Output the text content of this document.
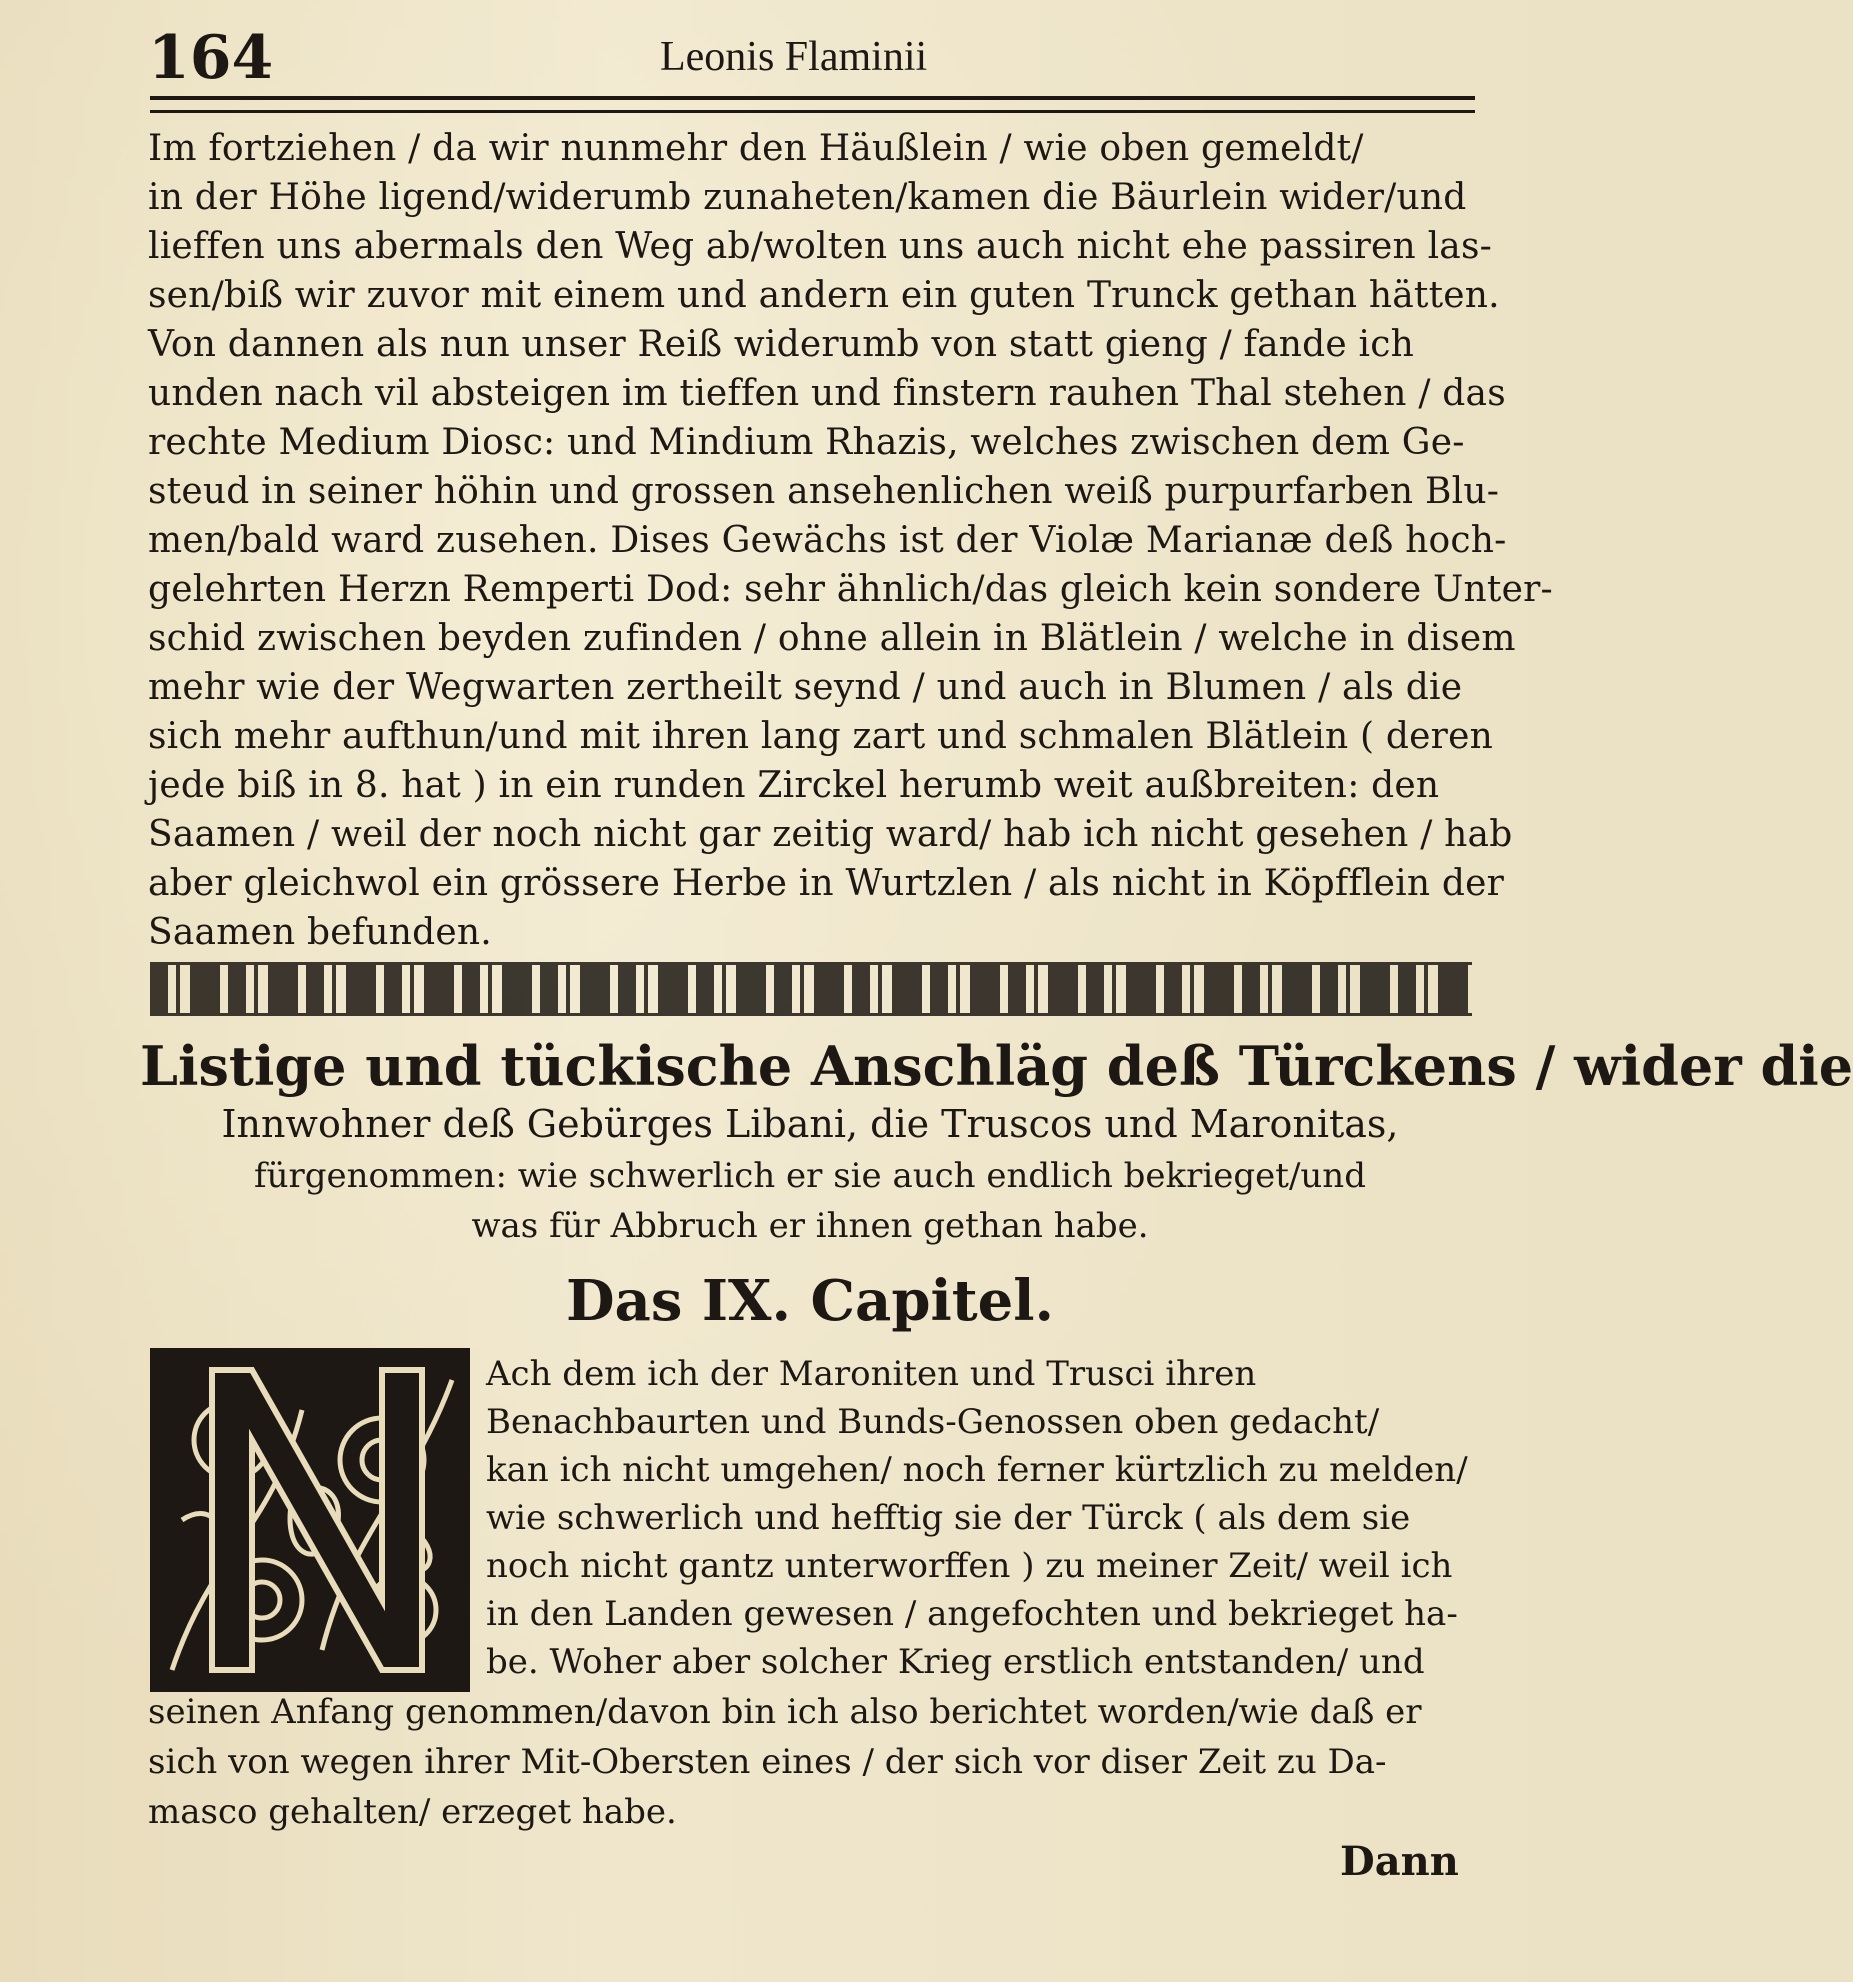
164	Leonis Flaminii
Im fortziehen / da wir nunmehr den Häußlein / wie oben gemeldt/
in der Höhe ligend/widerumb zunaheten/kamen die Bäurlein wider/und
lieffen uns abermals den Weg ab/wolten uns auch nicht ehe passiren las-
sen/biß wir zuvor mit einem und andern ein guten Trunck gethan hätten.
Von dannen als nun unser Reiß widerumb von statt gieng / fande ich
unden nach vil absteigen im tieffen und finstern rauhen Thal stehen / das
rechte Medium Diosc: und Mindium Rhazis, welches zwischen dem Ge-
steud in seiner höhin und grossen ansehenlichen weiß purpurfarben Blu-
men/bald ward zusehen. Dises Gewächs ist der Violæ Marianæ deß hoch-
gelehrten Herzn Remperti Dod: sehr ähnlich/das gleich kein sondere Unter-
schid zwischen beyden zufinden / ohne allein in Blätlein / welche in disem
mehr wie der Wegwarten zertheilt seynd / und auch in Blumen / als die
sich mehr aufthun/und mit ihren lang zart und schmalen Blätlein ( deren
jede biß in 8. hat ) in ein runden Zirckel herumb weit außbreiten: den
Saamen / weil der noch nicht gar zeitig ward/ hab ich nicht gesehen / hab
aber gleichwol ein grössere Herbe in Wurtzlen / als nicht in Köpfflein der
Saamen befunden.
Listige und tückische Anschläg deß Türckens / wider die
Innwohner deß Gebürges Libani, die Truscos und Maronitas,
fürgenommen: wie schwerlich er sie auch endlich bekrieget/und
was für Abbruch er ihnen gethan habe.
Das IX. Capitel.
Ach dem ich der Maroniten und Trusci ihren
Benachbaurten und Bunds-Genossen oben gedacht/
kan ich nicht umgehen/ noch ferner kürtzlich zu melden/
wie schwerlich und hefftig sie der Türck ( als dem sie
noch nicht gantz unterworffen ) zu meiner Zeit/ weil ich
in den Landen gewesen / angefochten und bekrieget ha-
be. Woher aber solcher Krieg erstlich entstanden/ und
seinen Anfang genommen/davon bin ich also berichtet worden/wie daß er
sich von wegen ihrer Mit-Obersten eines / der sich vor diser Zeit zu Da-
masco gehalten/ erzeget habe.
Dann
